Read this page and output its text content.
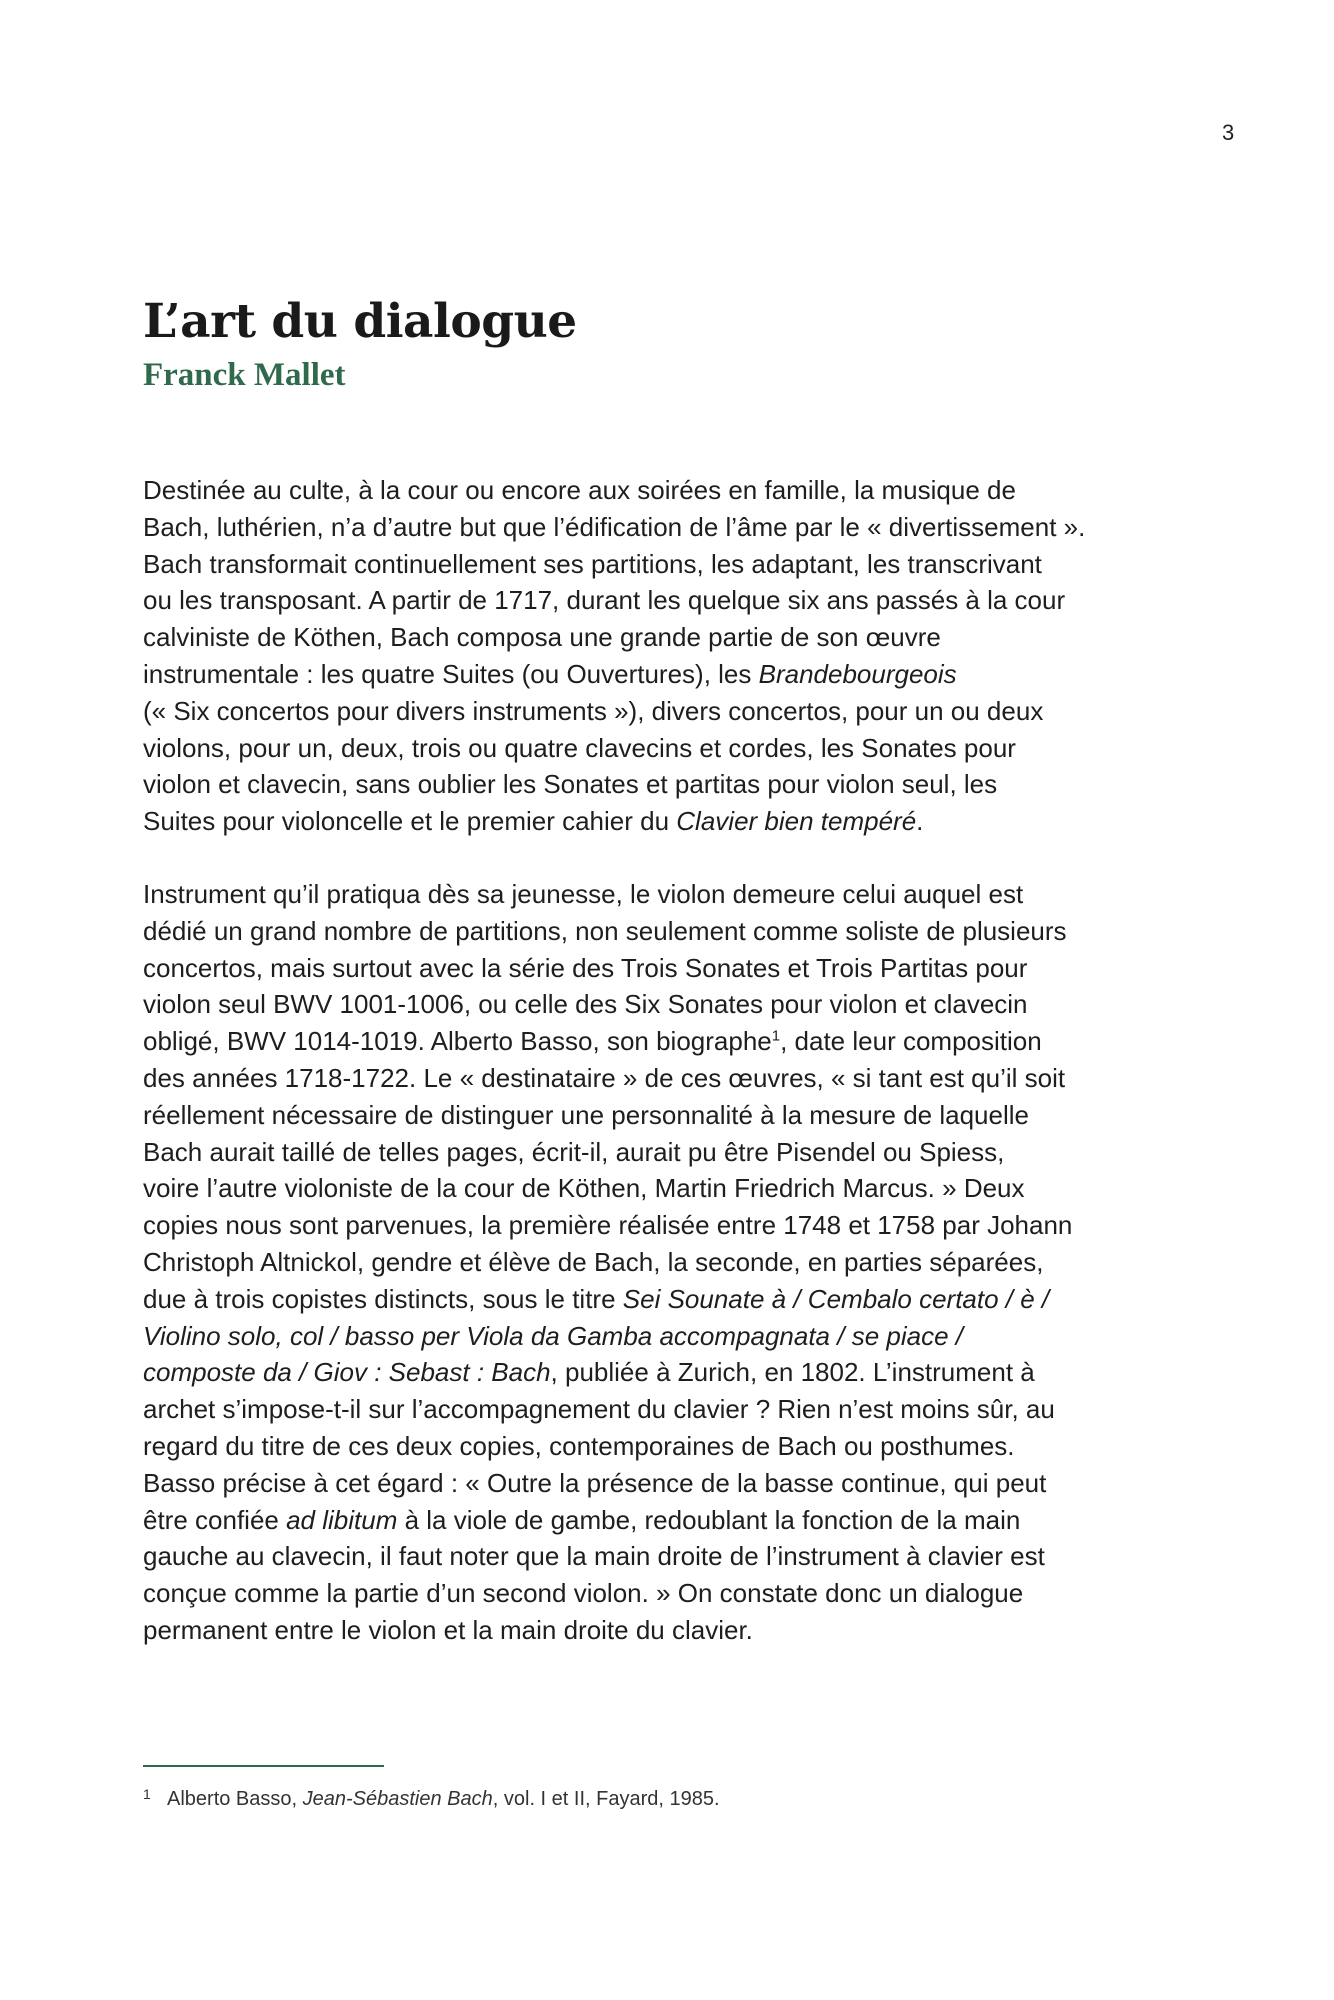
3
L’art du dialogue
Franck Mallet

Destinée au culte, à la cour ou encore aux soirées en famille, la musique de
Bach, luthérien, n’a d’autre but que l’édification de l’âme par le « divertissement ».
Bach transformait continuellement ses partitions, les adaptant, les transcrivant
ou les transposant. A partir de 1717, durant les quelque six ans passés à la cour
calviniste de Köthen, Bach composa une grande partie de son œuvre
instrumentale : les quatre Suites (ou Ouvertures), les Brandebourgeois
(« Six concertos pour divers instruments »), divers concertos, pour un ou deux
violons, pour un, deux, trois ou quatre clavecins et cordes, les Sonates pour
violon et clavecin, sans oublier les Sonates et partitas pour violon seul, les
Suites pour violoncelle et le premier cahier du Clavier bien tempéré.

Instrument qu’il pratiqua dès sa jeunesse, le violon demeure celui auquel est
dédié un grand nombre de partitions, non seulement comme soliste de plusieurs
concertos, mais surtout avec la série des Trois Sonates et Trois Partitas pour
violon seul BWV 1001-1006, ou celle des Six Sonates pour violon et clavecin
obligé, BWV 1014-1019. Alberto Basso, son biographe$^1$, date leur composition
des années 1718-1722. Le « destinataire » de ces œuvres, « si tant est qu’il soit
réellement nécessaire de distinguer une personnalité à la mesure de laquelle
Bach aurait taillé de telles pages, écrit-il, aurait pu être Pisendel ou Spiess,
voire l’autre violoniste de la cour de Köthen, Martin Friedrich Marcus. » Deux
copies nous sont parvenues, la première réalisée entre 1748 et 1758 par Johann
Christoph Altnickol, gendre et élève de Bach, la seconde, en parties séparées,
due à trois copistes distincts, sous le titre Sei Sounate à / Cembalo certato / è /
Violino solo, col / basso per Viola da Gamba accompagnata / se piace /
composte da / Giov : Sebast : Bach, publiée à Zurich, en 1802. L’instrument à
archet s’impose-t-il sur l’accompagnement du clavier ? Rien n’est moins sûr, au
regard du titre de ces deux copies, contemporaines de Bach ou posthumes.
Basso précise à cet égard : « Outre la présence de la basse continue, qui peut
être confiée ad libitum à la viole de gambe, redoublant la fonction de la main
gauche au clavecin, il faut noter que la main droite de l’instrument à clavier est
conçue comme la partie d’un second violon. » On constate donc un dialogue
permanent entre le violon et la main droite du clavier.

1 Alberto Basso, Jean-Sébastien Bach, vol. I et II, Fayard, 1985.
